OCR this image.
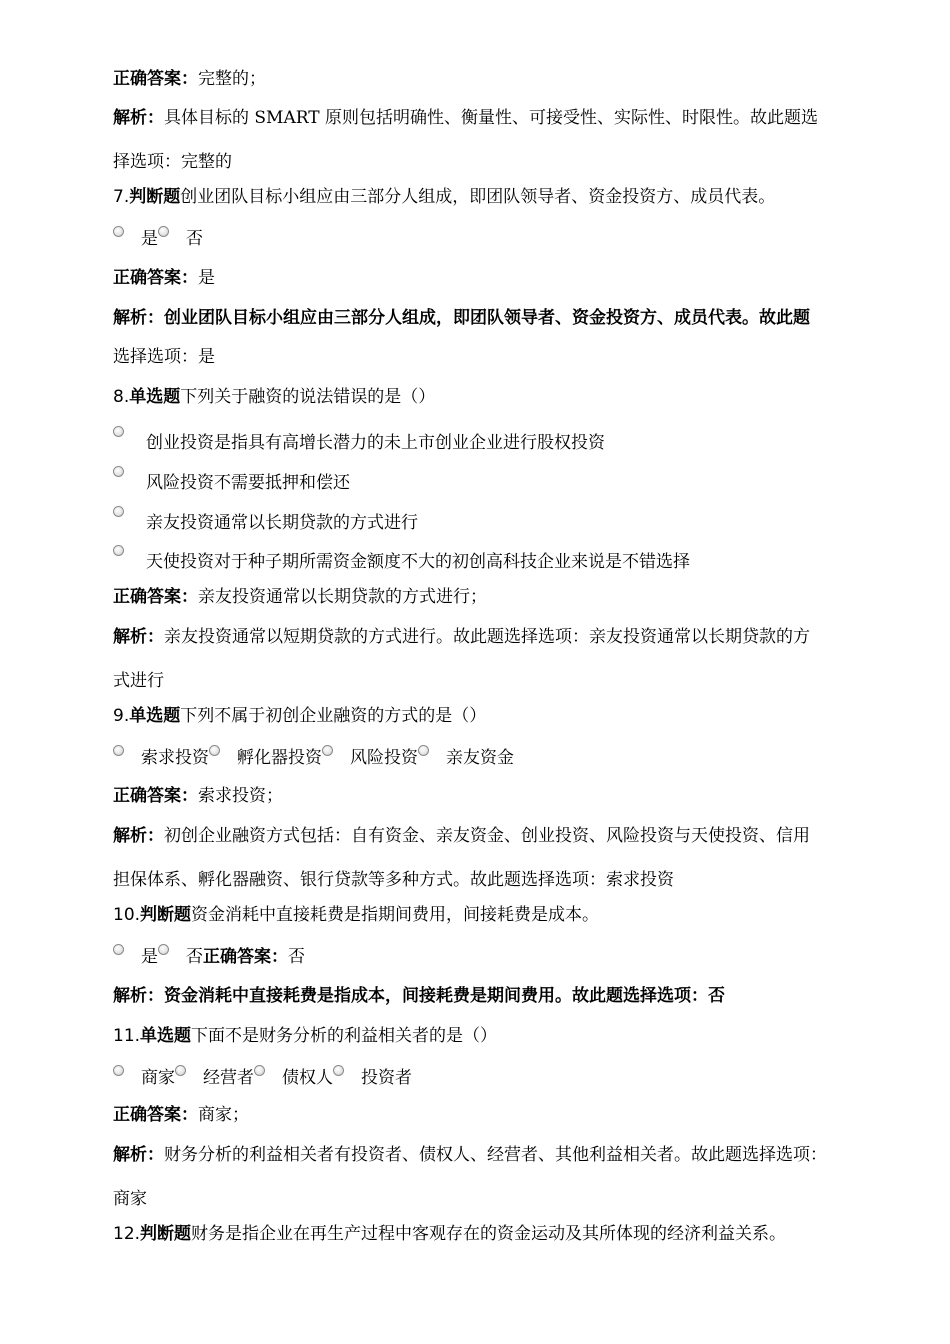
正确答案：完整的；
解析：具体目标的 SMART 原则包括明确性、衡量性、可接受性、实际性、时限性。故此题选
择选项：完整的
7.判断题创业团队目标小组应由三部分人组成，即团队领导者、资金投资方、成员代表。
是 否
正确答案：是
解析：创业团队目标小组应由三部分人组成，即团队领导者、资金投资方、成员代表。故此题
选择选项：是
8.单选题下列关于融资的说法错误的是（）
创业投资是指具有高增长潜力的未上市创业企业进行股权投资
风险投资不需要抵押和偿还
亲友投资通常以长期贷款的方式进行
天使投资对于种子期所需资金额度不大的初创高科技企业来说是不错选择
正确答案：亲友投资通常以长期贷款的方式进行；
解析：亲友投资通常以短期贷款的方式进行。故此题选择选项：亲友投资通常以长期贷款的方
式进行
9.单选题下列不属于初创企业融资的方式的是（）
索求投资 孵化器投资 风险投资 亲友资金
正确答案：索求投资；
解析：初创企业融资方式包括：自有资金、亲友资金、创业投资、风险投资与天使投资、信用
担保体系、孵化器融资、银行贷款等多种方式。故此题选择选项：索求投资
10.判断题资金消耗中直接耗费是指期间费用，间接耗费是成本。
是 否正确答案：否
解析：资金消耗中直接耗费是指成本，间接耗费是期间费用。故此题选择选项：否
11.单选题下面不是财务分析的利益相关者的是（）
商家 经营者 债权人 投资者
正确答案：商家；
解析：财务分析的利益相关者有投资者、债权人、经营者、其他利益相关者。故此题选择选项：
商家
12.判断题财务是指企业在再生产过程中客观存在的资金运动及其所体现的经济利益关系。
